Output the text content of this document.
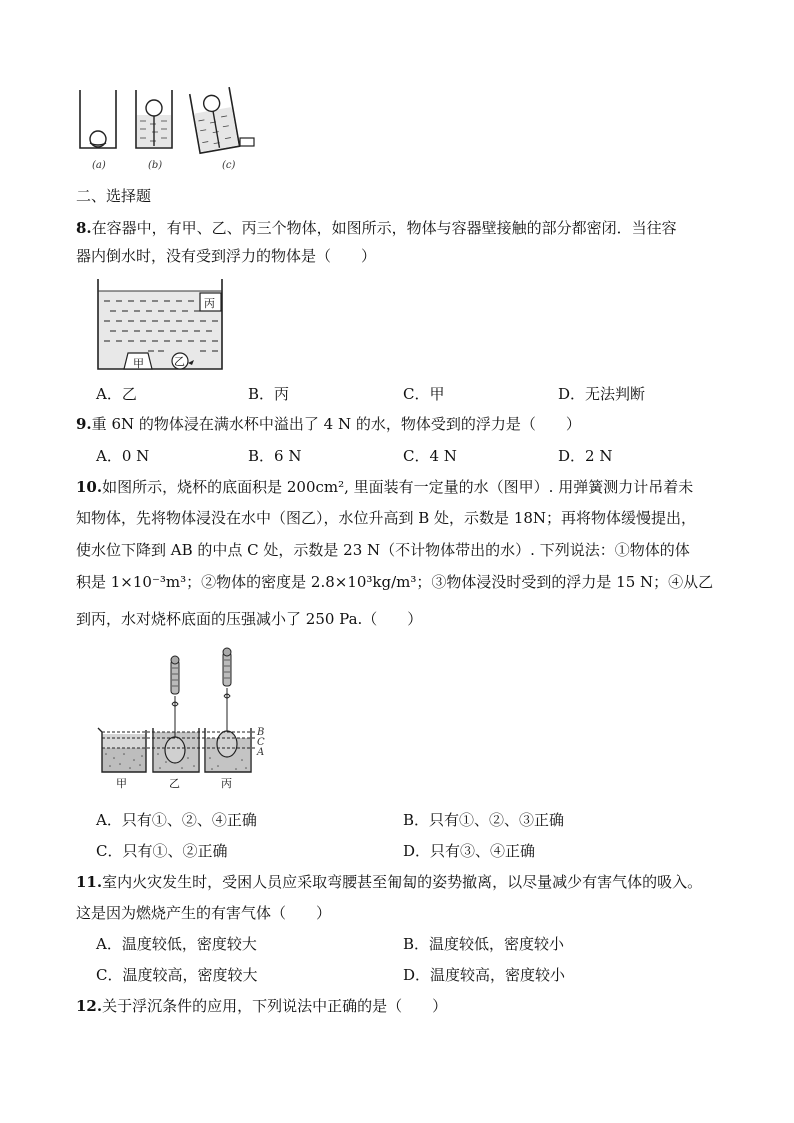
(a)	(b)	(c)
二、选择题
8.在容器中，有甲、乙、丙三个物体，如图所示，物体与容器壁接触的部分都密闭．当往容
器内倒水时，没有受到浮力的物体是（　　）
丙
甲	乙
A．乙	B．丙	C．甲	D．无法判断
9.重 6N 的物体浸在满水杯中溢出了 4 N 的水，物体受到的浮力是（　　）
A．0 N	B．6 N	C．4 N	D．2 N
10.如图所示，烧杯的底面积是 200cm², 里面装有一定量的水（图甲）. 用弹簧测力计吊着未
知物体，先将物体浸没在水中（图乙），水位升高到 B 处，示数是 18N；再将物体缓慢提出，
使水位下降到 AB 的中点 C 处，示数是 23 N（不计物体带出的水）. 下列说法：①物体的体
积是 1×10⁻³m³；②物体的密度是 2.8×10³kg/m³；③物体浸没时受到的浮力是 15 N；④从乙
到丙，水对烧杯底面的压强减小了 250 Pa.（　　）
B
C
A
甲	乙	丙
A．只有①、②、④正确	B．只有①、②、③正确
C．只有①、②正确	D．只有③、④正确
11.室内火灾发生时，受困人员应采取弯腰甚至匍匐的姿势撤离，以尽量减少有害气体的吸入。
这是因为燃烧产生的有害气体（　　）
A．温度较低，密度较大	B．温度较低，密度较小
C．温度较高，密度较大	D．温度较高，密度较小
12.关于浮沉条件的应用，下列说法中正确的是（　　）
